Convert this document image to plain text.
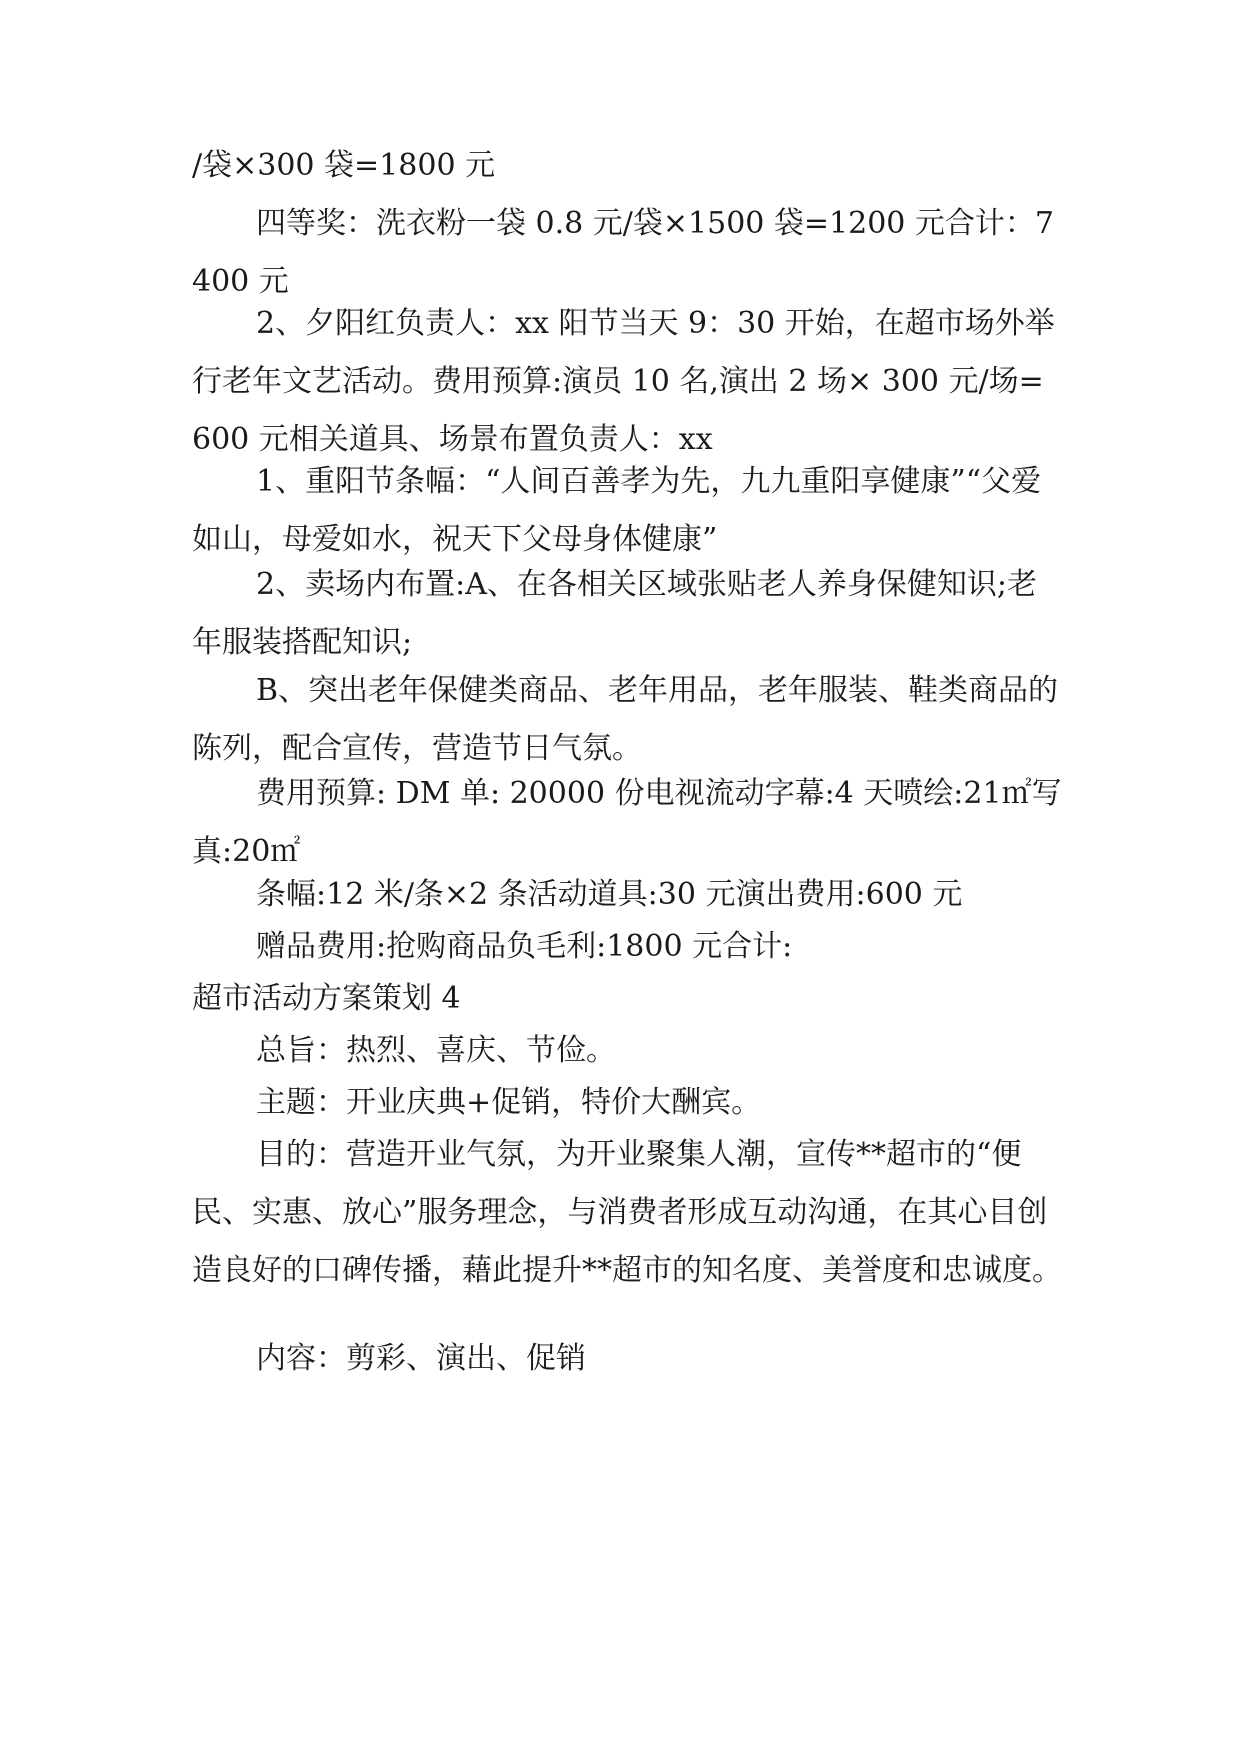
/袋×300 袋=1800 元

四等奖：洗衣粉一袋 0.8 元/袋×1500 袋=1200 元合计：7400 元

2、夕阳红负责人：xx 阳节当天 9：30 开始，在超市场外举行老年文艺活动。费用预算:演员 10 名,演出 2 场× 300 元/场=600 元相关道具、场景布置负责人：xx

1、重阳节条幅：“人间百善孝为先，九九重阳享健康”“父爱如山，母爱如水，祝天下父母身体健康”

2、卖场内布置:A、在各相关区域张贴老人养身保健知识;老年服装搭配知识;

B、突出老年保健类商品、老年用品，老年服装、鞋类商品的陈列，配合宣传，营造节日气氛。

费用预算: DM 单: 20000 份电视流动字幕:4 天喷绘:21㎡写真:20㎡

条幅:12 米/条×2 条活动道具:30 元演出费用:600 元

赠品费用:抢购商品负毛利:1800 元合计:

超市活动方案策划 4

总旨：热烈、喜庆、节俭。

主题：开业庆典+促销，特价大酬宾。

目的：营造开业气氛，为开业聚集人潮，宣传**超市的“便民、实惠、放心”服务理念，与消费者形成互动沟通，在其心目创造良好的口碑传播，藉此提升**超市的知名度、美誉度和忠诚度。

内容：剪彩、演出、促销
